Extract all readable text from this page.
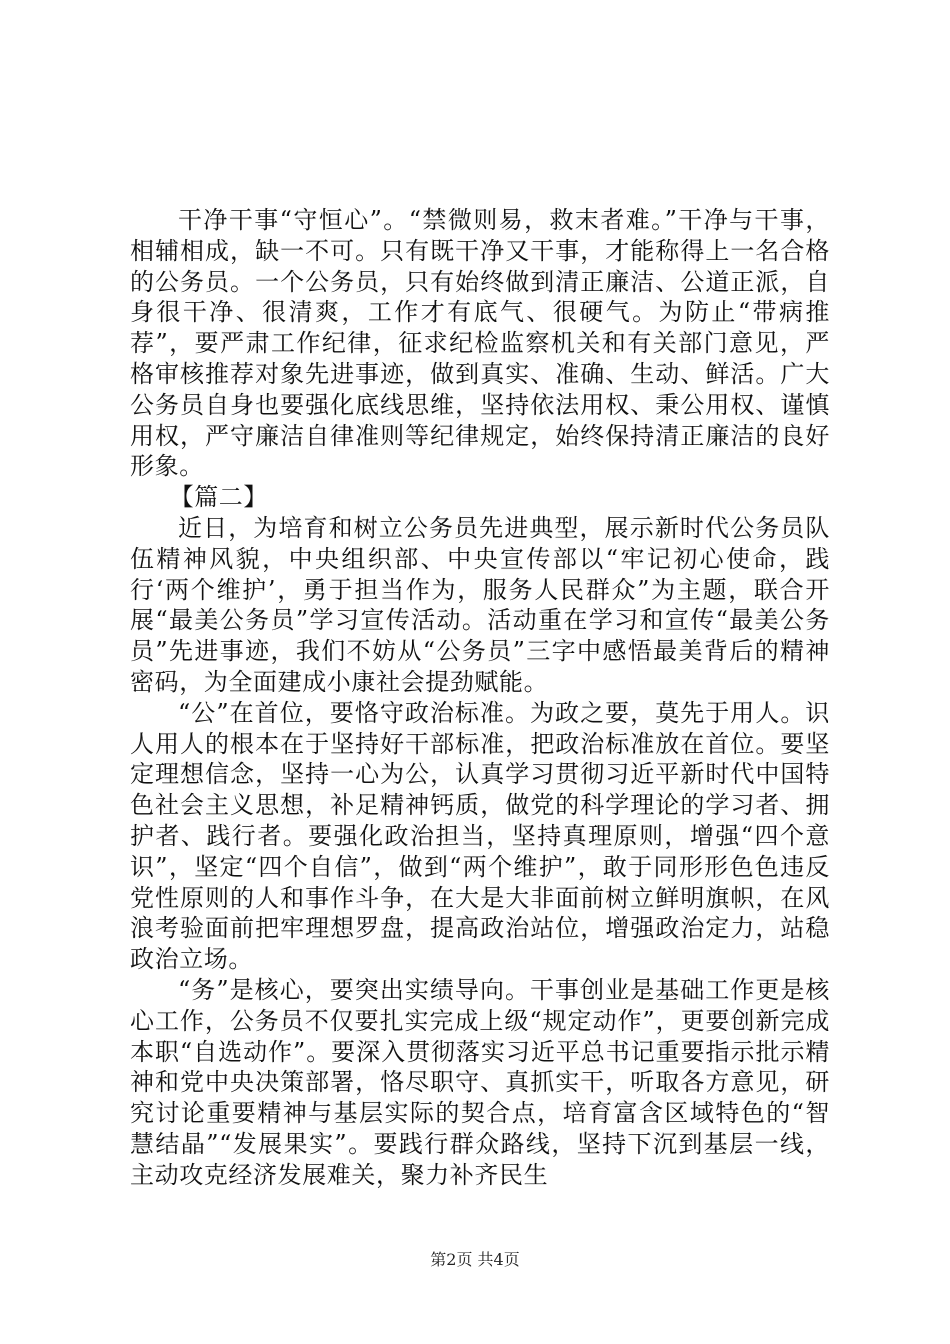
干净干事“守恒心”。“禁微则易，救末者难。”干净与干事，相辅相成，缺一不可。只有既干净又干事，才能称得上一名合格的公务员。一个公务员，只有始终做到清正廉洁、公道正派，自身很干净、很清爽，工作才有底气、很硬气。为防止“带病推荐”，要严肃工作纪律，征求纪检监察机关和有关部门意见，严格审核推荐对象先进事迹，做到真实、准确、生动、鲜活。广大公务员自身也要强化底线思维，坚持依法用权、秉公用权、谨慎用权，严守廉洁自律准则等纪律规定，始终保持清正廉洁的良好形象。

【篇二】

近日，为培育和树立公务员先进典型，展示新时代公务员队伍精神风貌，中央组织部、中央宣传部以“牢记初心使命，践行‘两个维护’，勇于担当作为，服务人民群众”为主题，联合开展“最美公务员”学习宣传活动。活动重在学习和宣传“最美公务员”先进事迹，我们不妨从“公务员”三字中感悟最美背后的精神密码，为全面建成小康社会提劲赋能。

“公”在首位，要恪守政治标准。为政之要，莫先于用人。识人用人的根本在于坚持好干部标准，把政治标准放在首位。要坚定理想信念，坚持一心为公，认真学习贯彻习近平新时代中国特色社会主义思想，补足精神钙质，做党的科学理论的学习者、拥护者、践行者。要强化政治担当，坚持真理原则，增强“四个意识”，坚定“四个自信”，做到“两个维护”，敢于同形形色色违反党性原则的人和事作斗争，在大是大非面前树立鲜明旗帜，在风浪考验面前把牢理想罗盘，提高政治站位，增强政治定力，站稳政治立场。

“务”是核心，要突出实绩导向。干事创业是基础工作更是核心工作，公务员不仅要扎实完成上级“规定动作”，更要创新完成本职“自选动作”。要深入贯彻落实习近平总书记重要指示批示精神和党中央决策部署，恪尽职守、真抓实干，听取各方意见，研究讨论重要精神与基层实际的契合点，培育富含区域特色的“智慧结晶”“发展果实”。要践行群众路线，坚持下沉到基层一线，主动攻克经济发展难关，聚力补齐民生

第2页 共4页
